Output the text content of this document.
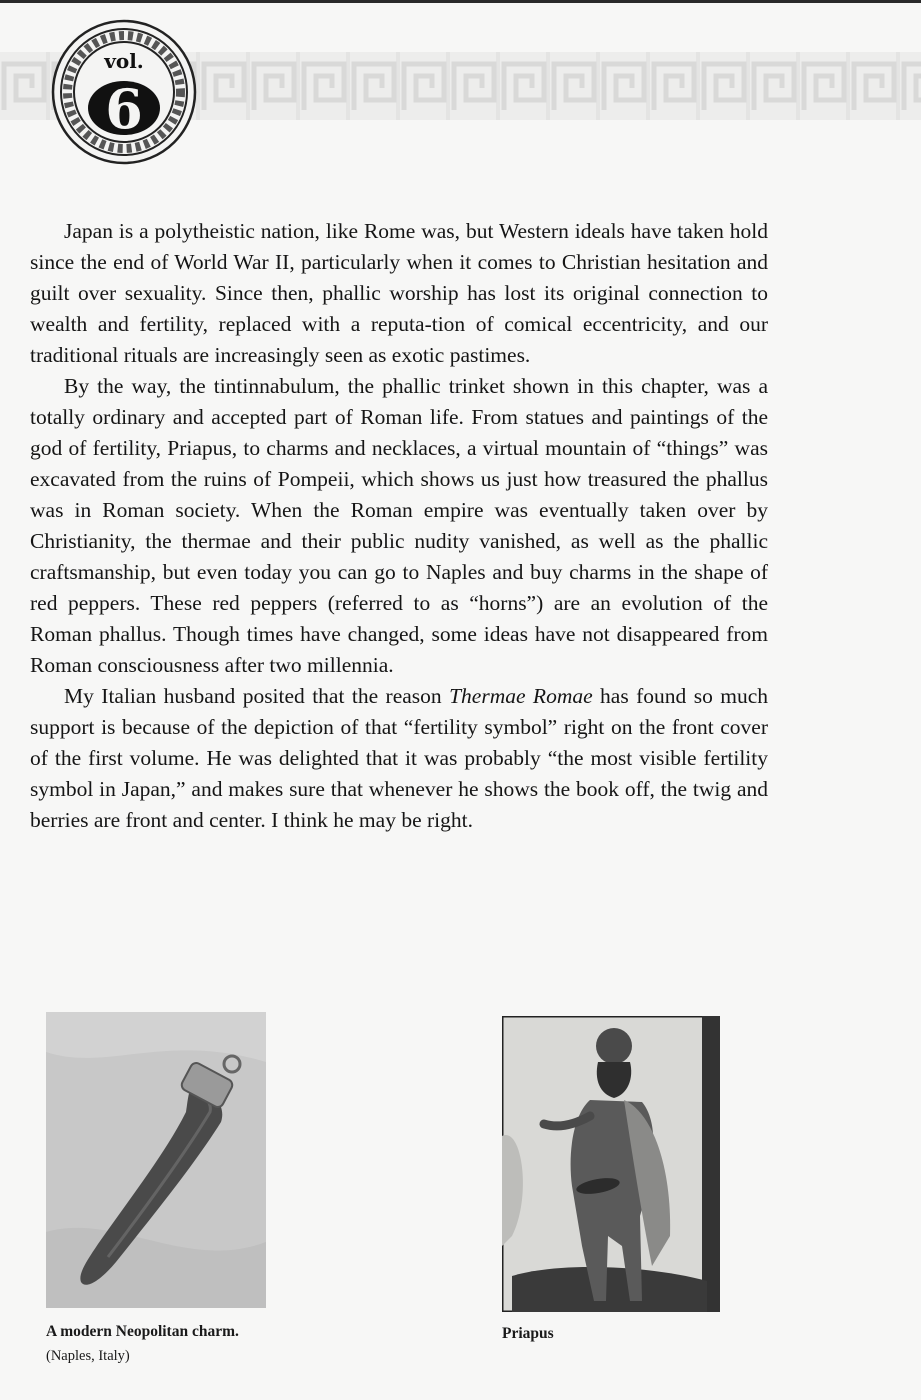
vol.
6

Japan is a polytheistic nation, like Rome was, but Western ideals have taken hold since the end of World War II, particularly when it comes to Christian hesitation and guilt over sexuality. Since then, phallic worship has lost its original connection to wealth and fertility, replaced with a reputa-tion of comical eccentricity, and our traditional rituals are increasingly seen as exotic pastimes.

By the way, the tintinnabulum, the phallic trinket shown in this chapter, was a totally ordinary and accepted part of Roman life. From statues and paintings of the god of fertility, Priapus, to charms and necklaces, a virtual mountain of “things” was excavated from the ruins of Pompeii, which shows us just how treasured the phallus was in Roman society. When the Roman empire was eventually taken over by Christianity, the thermae and their public nudity vanished, as well as the phallic craftsmanship, but even today you can go to Naples and buy charms in the shape of red peppers. These red peppers (referred to as “horns”) are an evolution of the Roman phallus. Though times have changed, some ideas have not disappeared from Roman consciousness after two millennia.

My Italian husband posited that the reason Thermae Romae has found so much support is because of the depiction of that “fertility symbol” right on the front cover of the first volume. He was delighted that it was probably “the most visible fertility symbol in Japan,” and makes sure that whenever he shows the book off, the twig and berries are front and center. I think he may be right.

A modern Neopolitan charm. (Naples, Italy)
Priapus
